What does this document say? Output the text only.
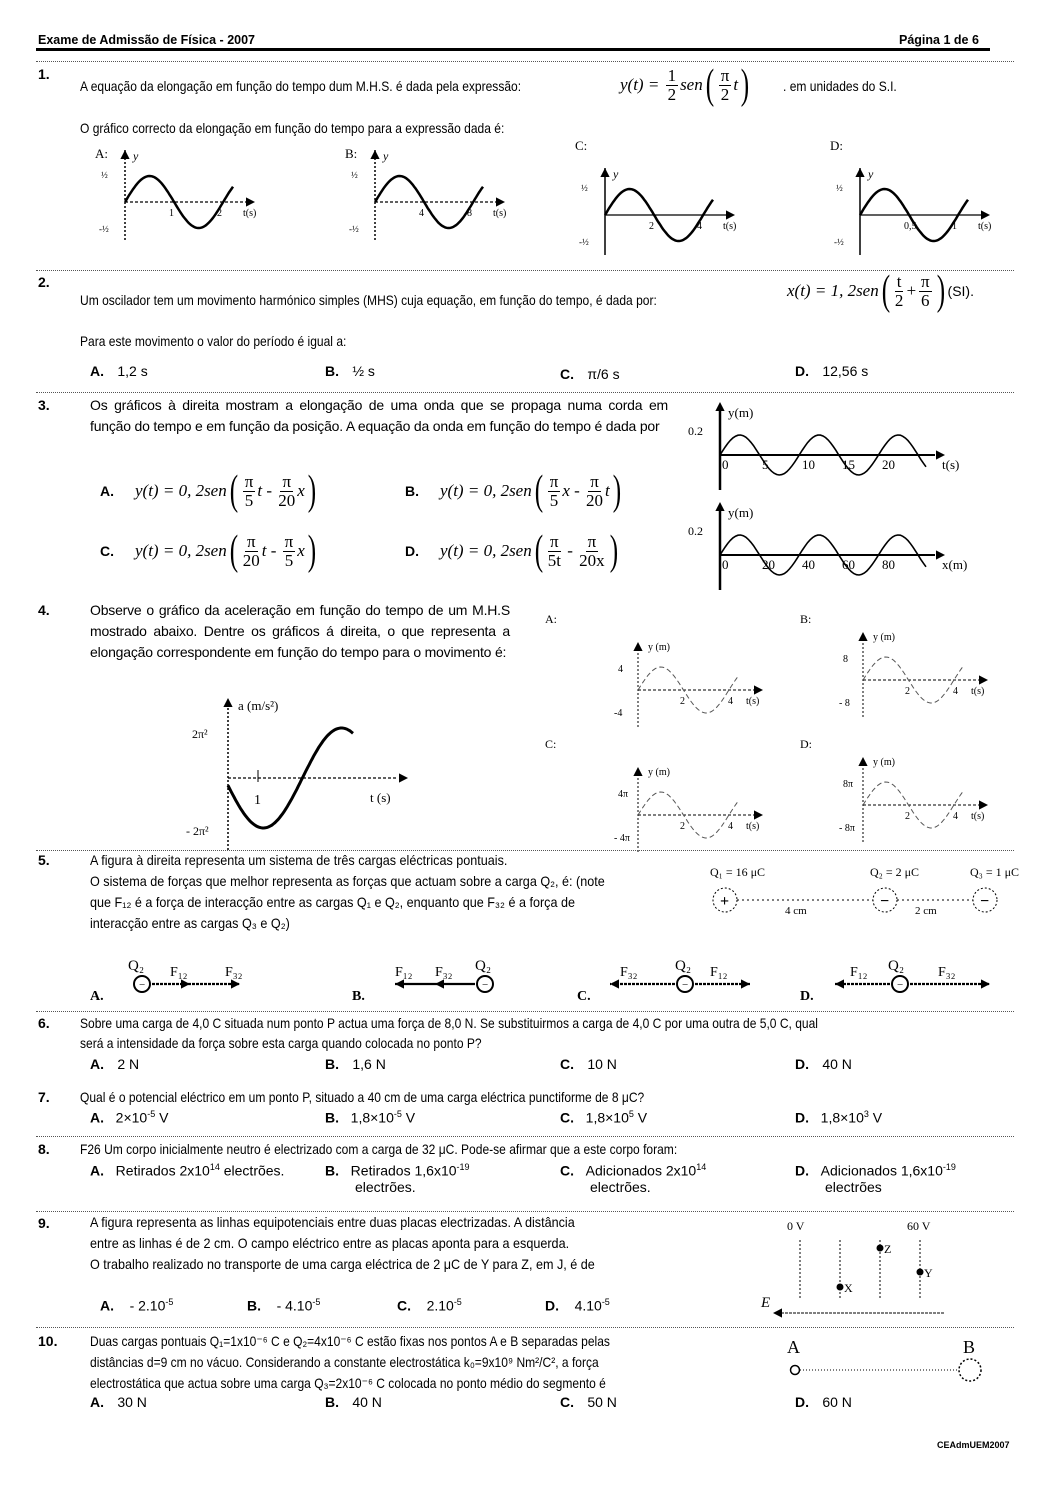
Exame de Admissão de Física - 2007	Página 1 de 6
1.
A equação da elongação em função do tempo dum M.H.S. é dada pela expressão:	y(t) =
$\frac{1}{2}$ sen ( $\frac{\pi}{2}$ t ) . em unidades do S.I.
O gráfico correcto da elongação em função do tempo para a expressão dada é:
A: y
½
-½
1	2 t(s)
B: y
½
-½
4	8 t(s)
C:
y
½
-½
2	4 t(s)
D:
y
½
-½
0,5	1 t(s)
2.
Um oscilador tem um movimento harmónico simples (MHS) cuja equação, em função do tempo, é dada por:	x(t) = 1, 2sen ( $\frac{t}{2} + \frac{\pi}{6}$ ) (SI).
Para este movimento o valor do período é igual a:
A. 1,2 s	B. ½ s	C. π/6 s	D. 12,56 s
3.	Os gráficos à direita mostram a elongação de uma onda que se propaga numa corda em função do tempo e em função da posição. A equação da onda em função do tempo é dada por
A.	y(t) = 0, 2sen ( $\frac{\pi}{5}$ t - $\frac{\pi}{20}$ x )	B.	y(t) = 0, 2sen ( $\frac{\pi}{5}$ x - $\frac{\pi}{20}$ t )
C.	y(t) = 0, 2sen ( $\frac{\pi}{20}$ t - $\frac{\pi}{5}$ x )	D.	y(t) = 0, 2sen ( $\frac{\pi}{5t} - \frac{\pi}{20x}$ )
y(m)
0.2
0	5	10 15 20	t(s)
y(m)
0.2
0	20 40 60 80	x(m)
4.	Observe o gráfico da aceleração em função do tempo de um M.H.S mostrado abaixo. Dentre os gráficos á direita, o que representa a elongação correspondente em função do tempo para o movimento é:
a (m/s²)
1	t (s)
2π²
- 2π²
A:
y (m)
4
-4
2	4 t(s)
B:
y (m)
8
- 8
2	4 t(s)
C:
y (m)
4π
- 4π
2	4 t(s)
D:
y (m)
8π
- 8π
2	4 t(s)
5.	A figura à direita representa um sistema de três cargas eléctricas pontuais.
O sistema de forças que melhor representa as forças que actuam sobre a carga Q₂, é: (note
que F₁₂ é a força de interacção entre as cargas Q₁ e Q₂, enquanto que F₃₂ é a força de
interacção entre as cargas Q₃ e Q₂)
Q₁ = 16 μC
+
Q₂ = 2 μC
−
Q₃ = 1 μC
−
4 cm	2 cm
A.
−
Q₂ F₁₂	F₃₂
B.
−
Q₂
F₃₂
F₁₂
C.
−
Q₂
F₃₂	F₁₂
D.
−
Q₂
F₁₂	F₃₂
6. Sobre uma carga de 4,0 C situada num ponto P actua uma força de 8,0 N. Se substituirmos a carga de 4,0 C por uma outra de 5,0 C, qual
será a intensidade da força sobre esta carga quando colocada no ponto P?
A. 2 N	B. 1,6 N	C. 10 N	D. 40 N
7. Qual é o potencial eléctrico em um ponto P, situado a 40 cm de uma carga eléctrica punctiforme de 8 μC?
A. $2\times 10^{-5}$ V	B. $1,8\times 10^{-5}$ V	C. $1,8\times 10^5$ V	D. $1,8\times 10^3$ V
8. F26 Um corpo inicialmente neutro é electrizado com a carga de 32 μC. Pode-se afirmar que a este corpo foram:
A. Retirados $2x10^{14}$ electrões.	B. Retirados $1,6x10^{-19}$
electrões.
C. Adicionados $2x10^{14}$
electrões.
D. Adicionados $1,6x10^{-19}$
electrões
9.	A figura representa as linhas equipotenciais entre duas placas electrizadas. A distância
entre as linhas é de 2 cm. O campo eléctrico entre as placas aponta para a esquerda.
O trabalho realizado no transporte de uma carga eléctrica de 2 μC de Y para Z, em J, é de
A. - $2.10^{-5}$	B. - $4.10^{-5}$	C. $2.10^{-5}$	D. $4.10^{-5}$
0 V	60 V
X
Z
Y
E
10. Duas cargas pontuais Q₁=1x10⁻⁶ C e Q₂=4x10⁻⁶ C estão fixas nos pontos A e B separadas pelas
distâncias d=9 cm no vácuo. Considerando a constante electrostática k₀=9x10⁹ Nm²/C², a força
electrostática que actua sobre uma carga Q₃=2x10⁻⁶ C colocada no ponto médio do segmento é
A. 30 N	B. 40 N	C. 50 N	D. 60 N
A	B
CEAdmUEM2007
